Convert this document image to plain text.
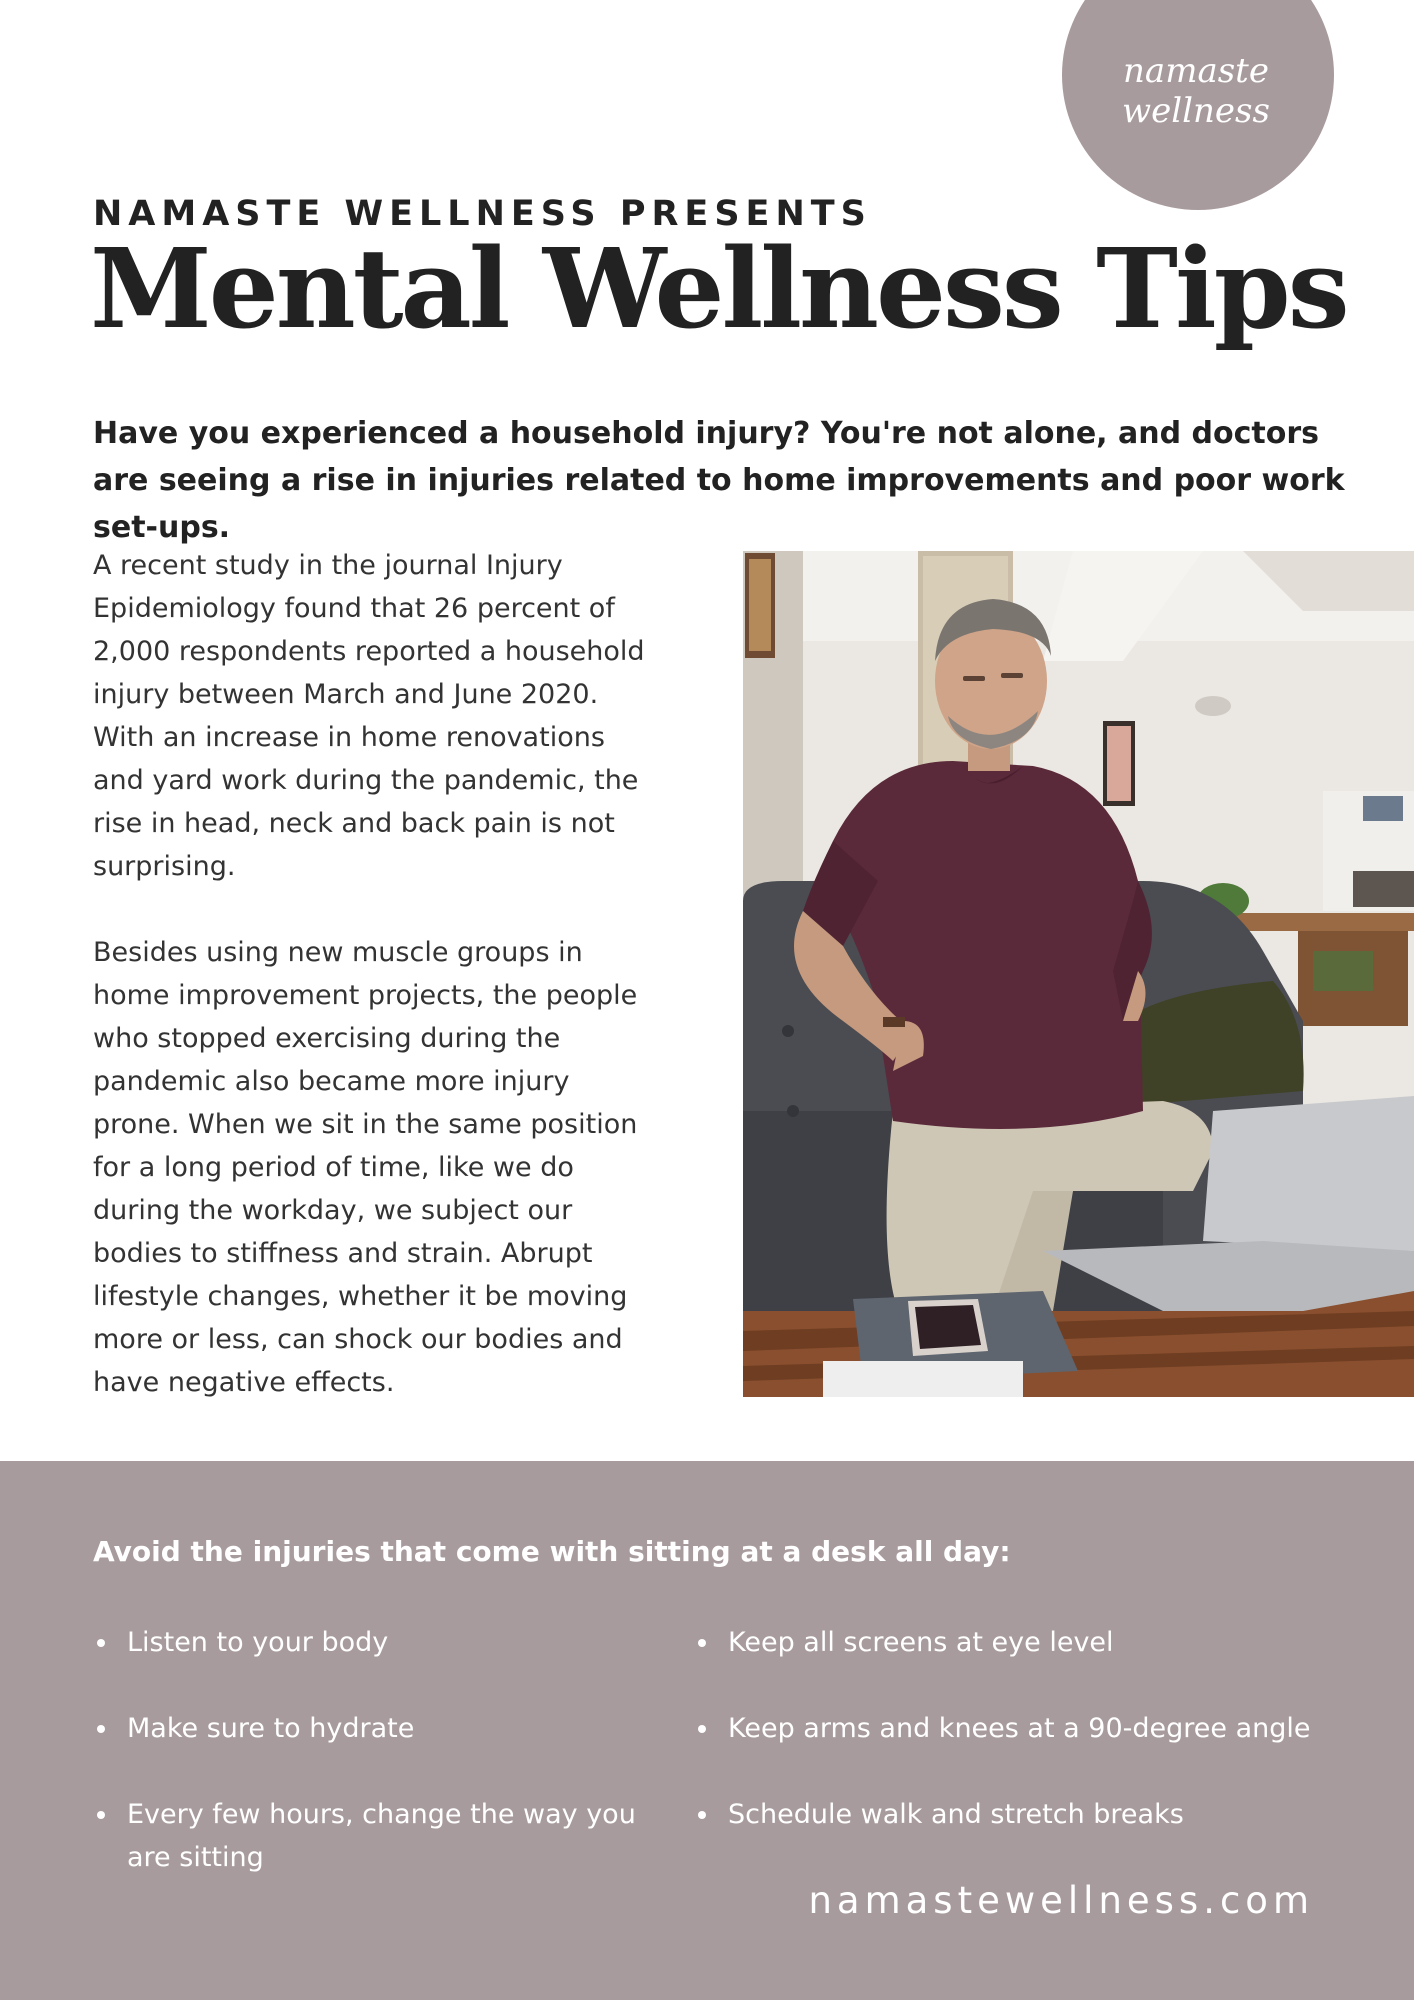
namaste
wellness
NAMASTE WELLNESS PRESENTS
Mental Wellness Tips
Have you experienced a household injury? You're not alone, and doctors are seeing a rise in injuries related to home improvements and poor work set-ups.

A recent study in the journal Injury Epidemiology found that 26 percent of 2,000 respondents reported a household injury between March and June 2020. With an increase in home renovations and yard work during the pandemic, the rise in head, neck and back pain is not surprising.

Besides using new muscle groups in home improvement projects, the people who stopped exercising during the pandemic also became more injury prone. When we sit in the same position for a long period of time, like we do during the workday, we subject our bodies to stiffness and strain. Abrupt lifestyle changes, whether it be moving more or less, can shock our bodies and have negative effects.

Avoid the injuries that come with sitting at a desk all day:
Listen to your body
Make sure to hydrate
Every few hours, change the way you are sitting
Keep all screens at eye level
Keep arms and knees at a 90-degree angle
Schedule walk and stretch breaks
namastewellness.com
